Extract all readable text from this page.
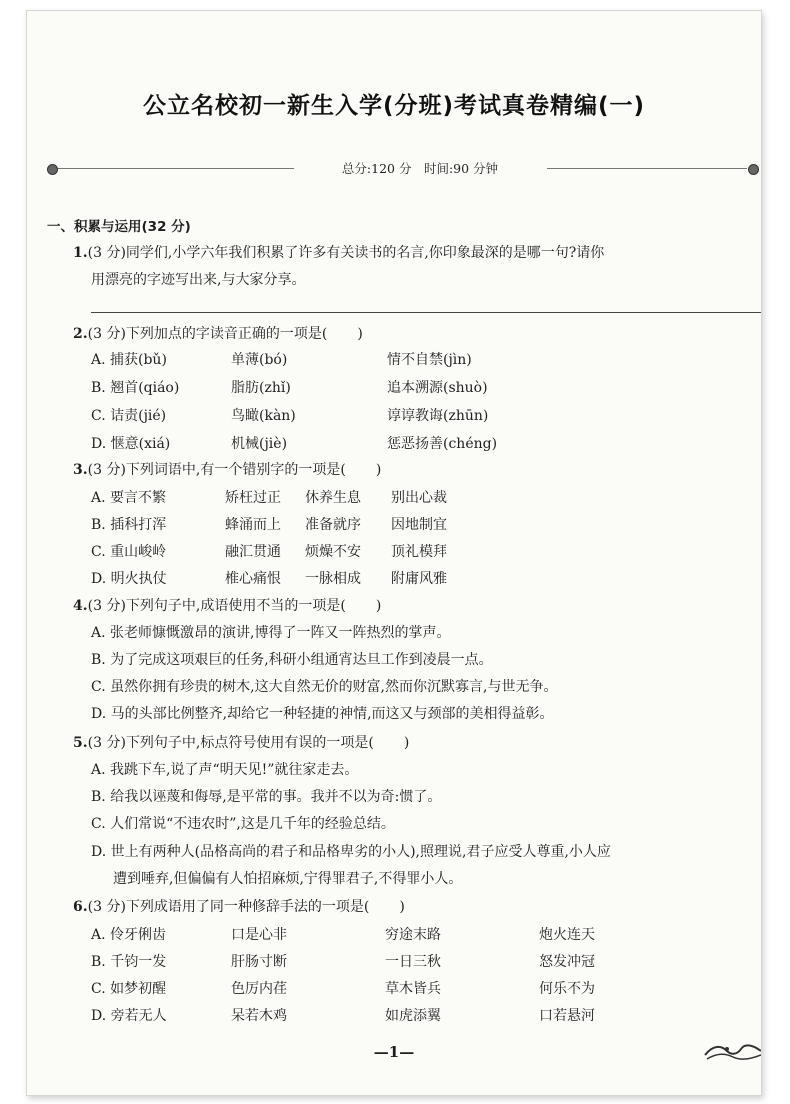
公立名校初一新生入学(分班)考试真卷精编(一)
总分:120 分　时间:90 分钟
一、积累与运用(32 分)
1.(3 分)同学们,小学六年我们积累了许多有关读书的名言,你印象最深的是哪一句?请你
用漂亮的字迹写出来,与大家分享。
2.(3 分)下列加点的字读音正确的一项是( )
A. 捕获(bǔ)	单薄(bó)	情不自禁(jìn)
B. 翘首(qiáo)	脂肪(zhǐ)	追本溯源(shuò)
C. 诘责(jié)	鸟瞰(kàn)	谆谆教诲(zhūn)
D. 惬意(xiá)	机械(jiè)	惩恶扬善(chéng)
3.(3 分)下列词语中,有一个错别字的一项是( )
A. 要言不繁	矫枉过正 休养生息 别出心裁
B. 插科打浑	蜂涌而上 准备就序 因地制宜
C. 重山峻岭	融汇贯通 烦燥不安 顶礼模拜
D. 明火执仗	椎心痛恨 一脉相成 附庸风雅
4.(3 分)下列句子中,成语使用不当的一项是( )
A. 张老师慷慨激昂的演讲,博得了一阵又一阵热烈的掌声。
B. 为了完成这项艰巨的任务,科研小组通宵达旦工作到凌晨一点。
C. 虽然你拥有珍贵的树木,这大自然无价的财富,然而你沉默寡言,与世无争。
D. 马的头部比例整齐,却给它一种轻捷的神情,而这又与颈部的美相得益彰。
5.(3 分)下列句子中,标点符号使用有误的一项是( )
A. 我跳下车,说了声“明天见!”就往家走去。
B. 给我以诬蔑和侮辱,是平常的事。我并不以为奇:惯了。
C. 人们常说“不违农时”,这是几千年的经验总结。
D. 世上有两种人(品格高尚的君子和品格卑劣的小人),照理说,君子应受人尊重,小人应
遭到唾弃,但偏偏有人怕招麻烦,宁得罪君子,不得罪小人。
6.(3 分)下列成语用了同一种修辞手法的一项是( )
A. 伶牙俐齿	口是心非	穷途末路	炮火连天
B. 千钧一发	肝肠寸断	一日三秋	怒发冲冠
C. 如梦初醒	色厉内荏	草木皆兵	何乐不为
D. 旁若无人	呆若木鸡	如虎添翼	口若悬河
—1—
